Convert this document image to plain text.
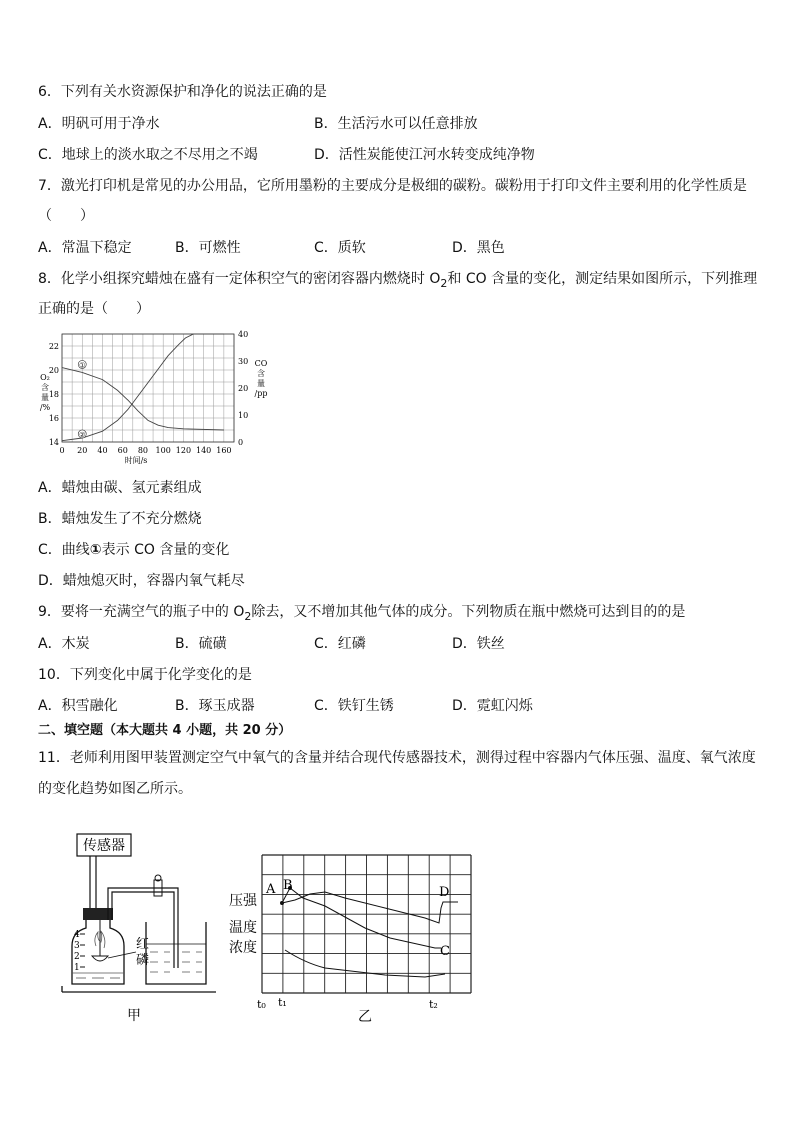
6．下列有关水资源保护和净化的说法正确的是
A．明矾可用于净水	B．生活污水可以任意排放
C．地球上的淡水取之不尽用之不竭	D．活性炭能使江河水转变成纯净物
7．激光打印机是常见的办公用品，它所用墨粉的主要成分是极细的碳粉。碳粉用于打印文件主要利用的化学性质是
（　　）
A．常温下稳定	B．可燃性	C．质软	D．黑色
8．化学小组探究蜡烛在盛有一定体积空气的密闭容器内燃烧时 $O_2$和 CO 含量的变化，测定结果如图所示，下列推理
正确的是（　　）
0 20 40 60 80 100 120 140 160
14
16
18
20
22
0
10
20
30
40
时间/s
O₂
含
量
/%
CO
含
量
/pp
①
②
A．蜡烛由碳、氢元素组成
B．蜡烛发生了不充分燃烧
C．曲线①表示 CO 含量的变化
D．蜡烛熄灭时，容器内氧气耗尽
9．要将一充满空气的瓶子中的 $O_2$除去，又不增加其他气体的成分。下列物质在瓶中燃烧可达到目的的是
A．木炭	B．硫磺	C．红磷	D．铁丝
10．下列变化中属于化学变化的是
A．积雪融化	B．琢玉成器	C．铁钉生锈	D．霓虹闪烁
二、填空题（本大题共 4 小题，共 20 分）
11．老师利用图甲装置测定空气中氧气的含量并结合现代传感器技术，测得过程中容器内气体压强、温度、氧气浓度
的变化趋势如图乙所示。
传感器
4
3
2
1
红
磷
甲
压强
温度
浓度
A B
C
D
t₀ t₁	t₂
乙
